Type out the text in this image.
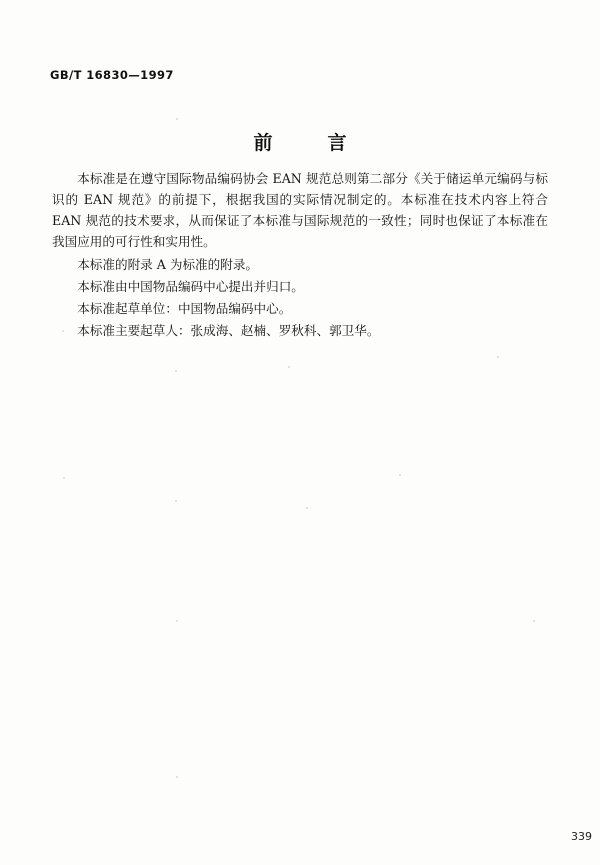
GB/T 16830—1997
前　言

本标准是在遵守国际物品编码协会 EAN 规范总则第二部分《关于储运单元编码与标识的 EAN 规范》的前提下，根据我国的实际情况制定的。本标准在技术内容上符合 EAN 规范的技术要求，从而保证了本标准与国际规范的一致性；同时也保证了本标准在我国应用的可行性和实用性。

本标准的附录 A 为标准的附录。

本标准由中国物品编码中心提出并归口。

本标准起草单位：中国物品编码中心。

本标准主要起草人：张成海、赵楠、罗秋科、郭卫华。

339
